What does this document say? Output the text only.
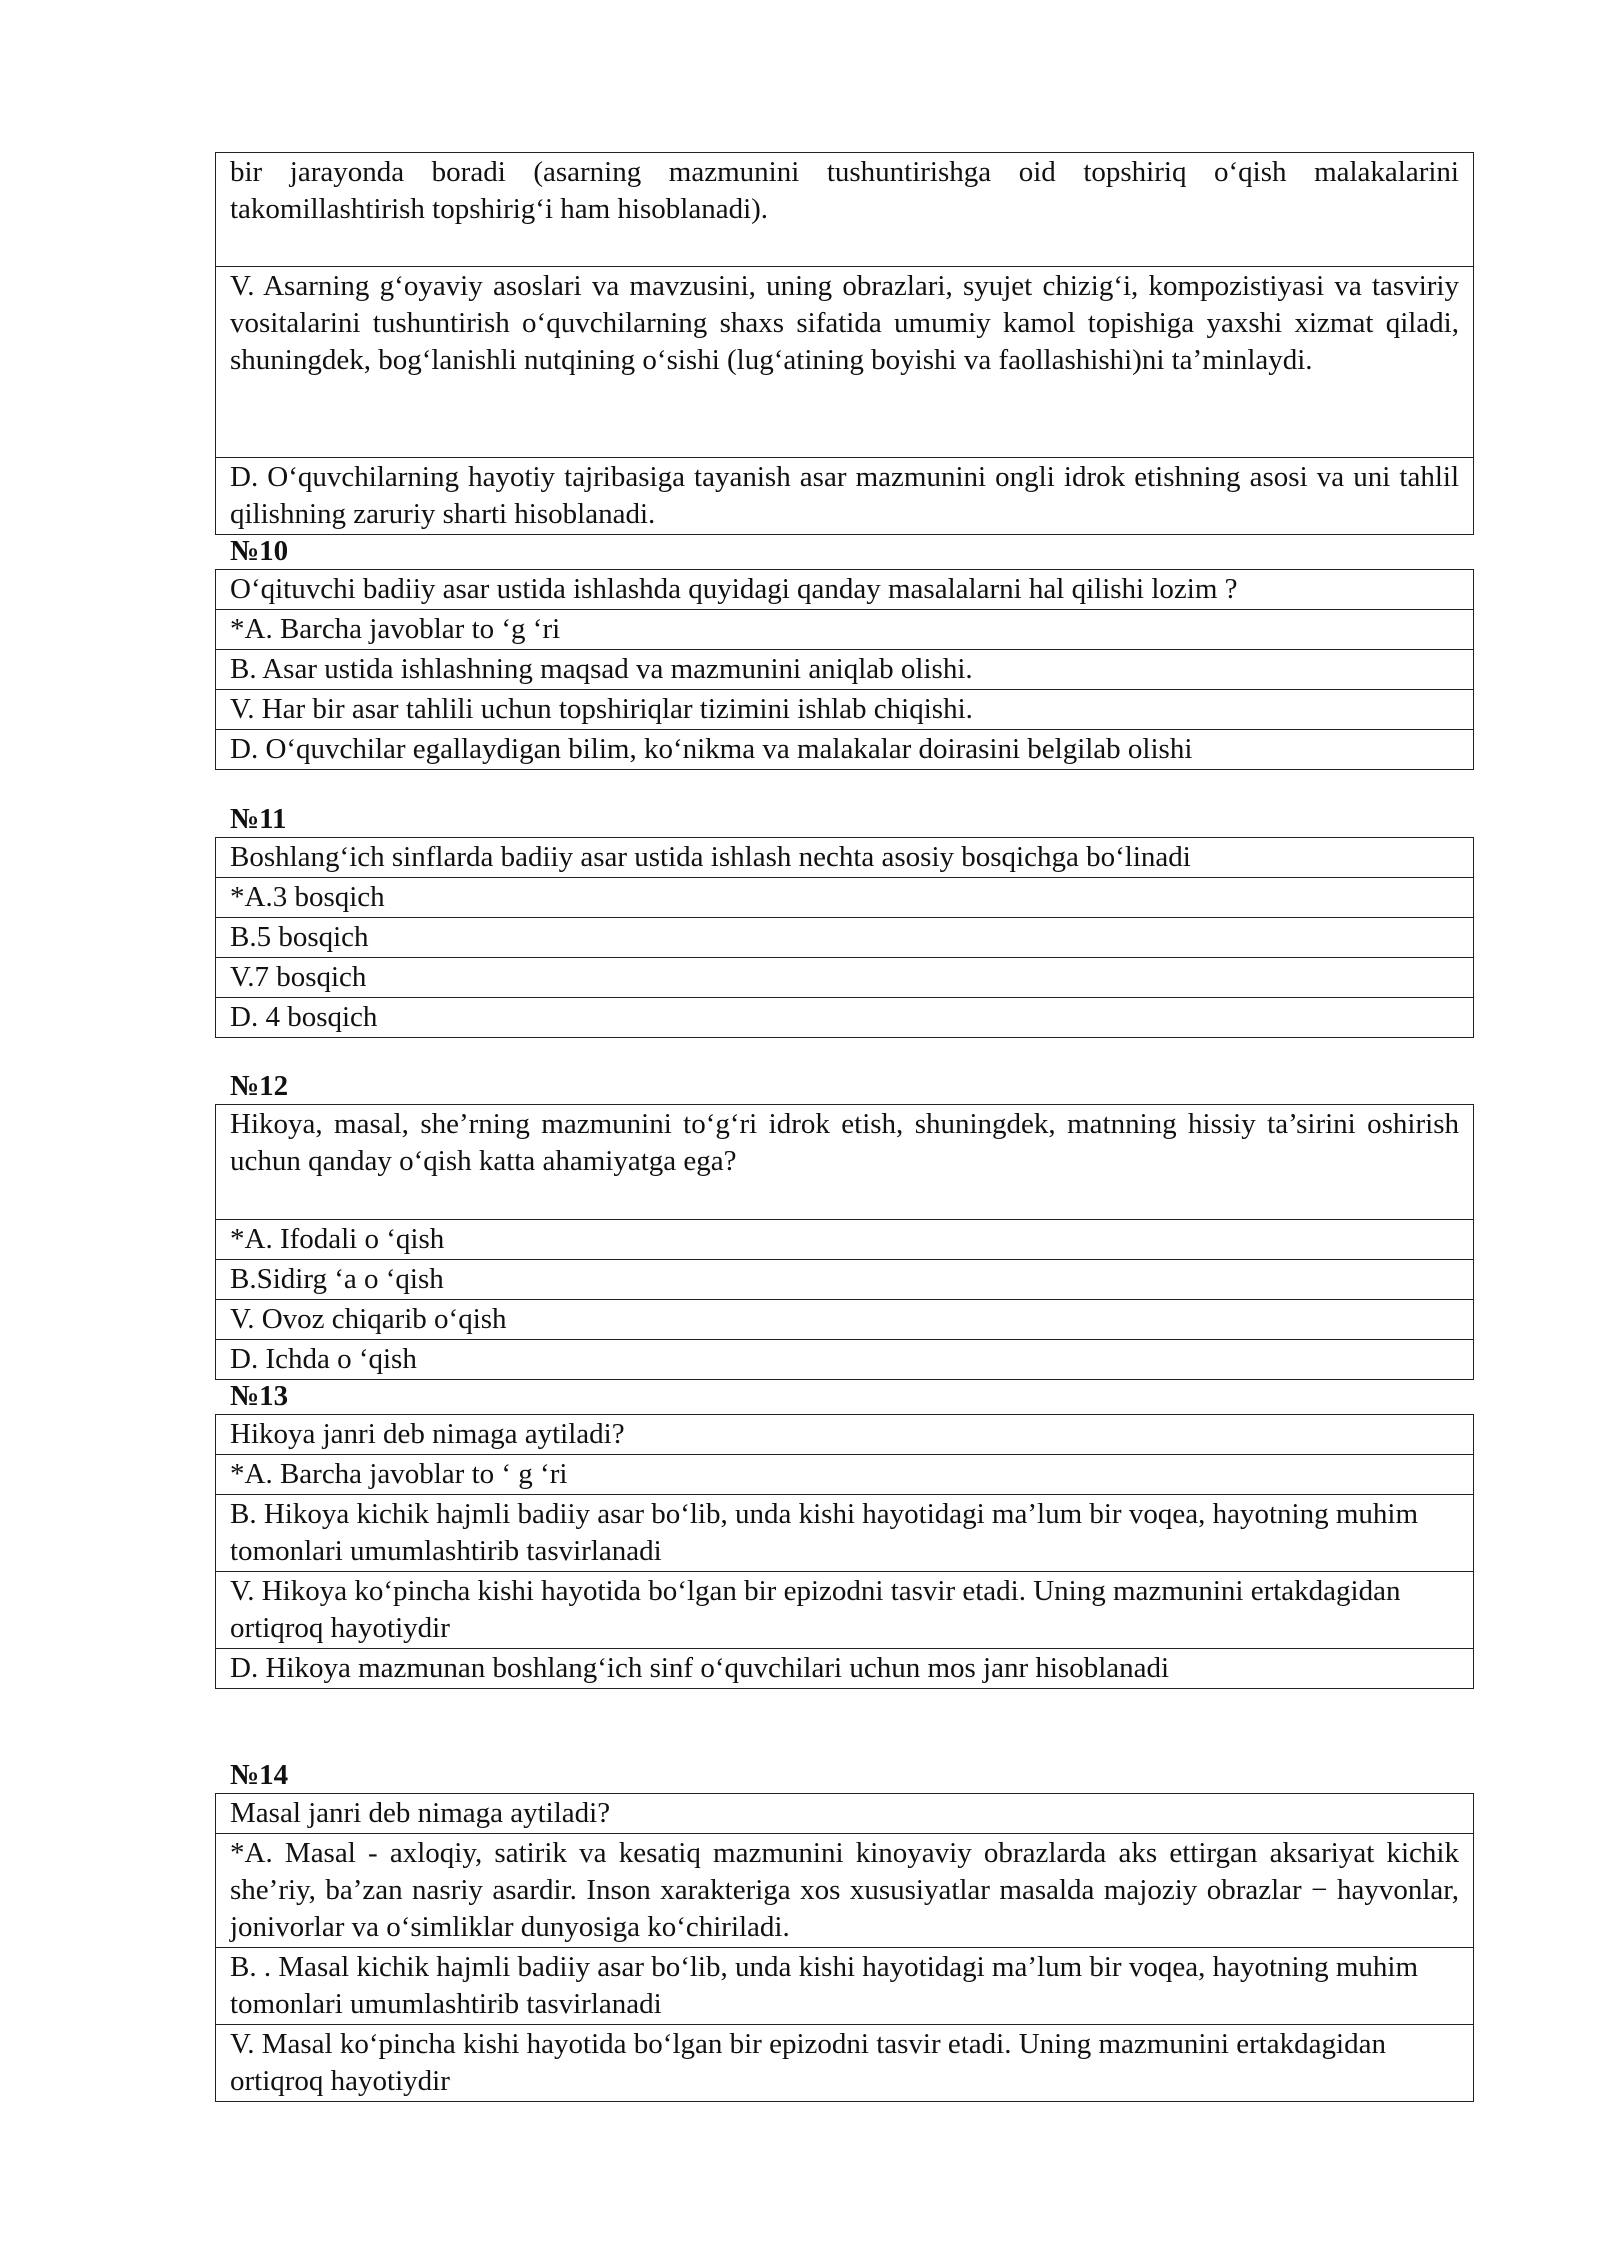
bir jarayonda boradi (asarning mazmunini tushuntirishga oid topshiriq o‘qish malakalarini takomillashtirish topshirig‘i ham hisoblanadi).
V. Asarning g‘oyaviy asoslari va mavzusini, uning obrazlari, syujet chizig‘i, kompozistiyasi va tasviriy vositalarini tushuntirish o‘quvchilarning shaxs sifatida umumiy kamol topishiga yaxshi xizmat qiladi, shuningdek, bog‘lanishli nutqining o‘sishi (lug‘atining boyishi va faollashishi)ni ta’minlaydi.
D. O‘quvchilarning hayotiy tajribasiga tayanish asar mazmunini ongli idrok etishning asosi va uni tahlil qilishning zaruriy sharti hisoblanadi.
№10
O‘qituvchi badiiy asar ustida ishlashda quyidagi qanday masalalarni hal qilishi lozim ?
*A. Barcha javoblar to ‘g ‘ri
B. Asar ustida ishlashning maqsad va mazmunini aniqlab olishi.
V. Har bir asar tahlili uchun topshiriqlar tizimini ishlab chiqishi.
D. O‘quvchilar egallaydigan bilim, ko‘nikma va malakalar doirasini belgilab olishi
№11
Boshlang‘ich sinflarda badiiy asar ustida ishlash nechta asosiy bosqichga bo‘linadi
*A.3 bosqich
B.5 bosqich
V.7 bosqich
D. 4 bosqich
№12
Hikoya, masal, she’rning mazmunini to‘g‘ri idrok etish, shuningdek, matnning hissiy ta’sirini oshirish uchun qanday o‘qish katta ahamiyatga ega?
*A. Ifodali o ‘qish
B.Sidirg ‘a o ‘qish
V. Ovoz chiqarib o‘qish
D. Ichda o ‘qish
№13
Hikoya janri deb nimaga aytiladi?
*A. Barcha javoblar to ‘ g ‘ri
B. Hikoya kichik hajmli badiiy asar bo‘lib, unda kishi hayotidagi ma’lum bir voqea, hayotning muhim tomonlari umumlashtirib tasvirlanadi
V. Hikoya ko‘pincha kishi hayotida bo‘lgan bir epizodni tasvir etadi. Uning mazmunini ertakdagidan ortiqroq hayotiydir
D. Hikoya mazmunan boshlang‘ich sinf o‘quvchilari uchun mos janr hisoblanadi
№14
Masal janri deb nimaga aytiladi?
*A. Masal - axloqiy, satirik va kesatiq mazmunini kinoyaviy obrazlarda aks ettirgan aksariyat kichik she’riy, ba’zan nasriy asardir. Inson xarakteriga xos xususiyatlar masalda majoziy obrazlar − hayvonlar, jonivorlar va o‘simliklar dunyosiga ko‘chiriladi.
B. . Masal kichik hajmli badiiy asar bo‘lib, unda kishi hayotidagi ma’lum bir voqea, hayotning muhim tomonlari umumlashtirib tasvirlanadi
V. Masal ko‘pincha kishi hayotida bo‘lgan bir epizodni tasvir etadi. Uning mazmunini ertakdagidan ortiqroq hayotiydir
